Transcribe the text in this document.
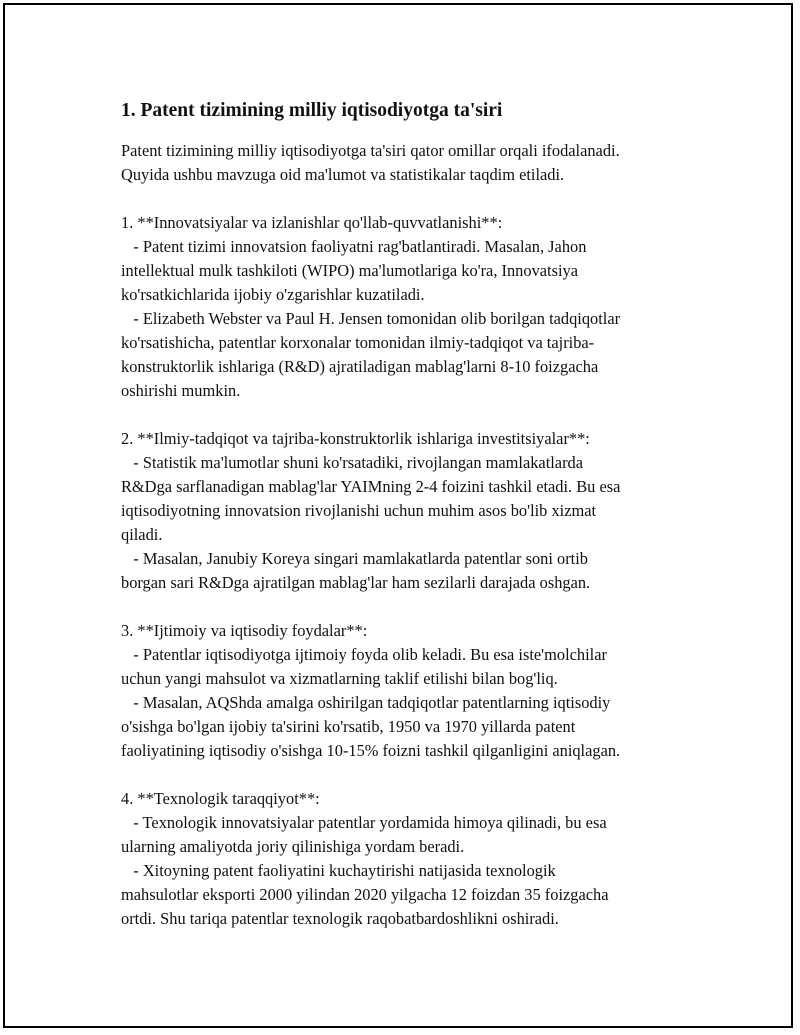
1. Patent tizimining milliy iqtisodiyotga ta'siri
Patent tizimining milliy iqtisodiyotga ta'siri qator omillar orqali ifodalanadi.
Quyida ushbu mavzuga oid ma'lumot va statistikalar taqdim etiladi.
1. **Innovatsiyalar va izlanishlar qo'llab-quvvatlanishi**:
- Patent tizimi innovatsion faoliyatni rag'batlantiradi. Masalan, Jahon
intellektual mulk tashkiloti (WIPO) ma'lumotlariga ko'ra, Innovatsiya
ko'rsatkichlarida ijobiy o'zgarishlar kuzatiladi.
- Elizabeth Webster va Paul H. Jensen tomonidan olib borilgan tadqiqotlar
ko'rsatishicha, patentlar korxonalar tomonidan ilmiy-tadqiqot va tajriba-
konstruktorlik ishlariga (R&D) ajratiladigan mablag'larni 8-10 foizgacha
oshirishi mumkin.
2. **Ilmiy-tadqiqot va tajriba-konstruktorlik ishlariga investitsiyalar**:
- Statistik ma'lumotlar shuni ko'rsatadiki, rivojlangan mamlakatlarda
R&Dga sarflanadigan mablag'lar YAIMning 2-4 foizini tashkil etadi. Bu esa
iqtisodiyotning innovatsion rivojlanishi uchun muhim asos bo'lib xizmat
qiladi.
- Masalan, Janubiy Koreya singari mamlakatlarda patentlar soni ortib
borgan sari R&Dga ajratilgan mablag'lar ham sezilarli darajada oshgan.
3. **Ijtimoiy va iqtisodiy foydalar**:
- Patentlar iqtisodiyotga ijtimoiy foyda olib keladi. Bu esa iste'molchilar
uchun yangi mahsulot va xizmatlarning taklif etilishi bilan bog'liq.
- Masalan, AQShda amalga oshirilgan tadqiqotlar patentlarning iqtisodiy
o'sishga bo'lgan ijobiy ta'sirini ko'rsatib, 1950 va 1970 yillarda patent
faoliyatining iqtisodiy o'sishga 10-15% foizni tashkil qilganligini aniqlagan.
4. **Texnologik taraqqiyot**:
- Texnologik innovatsiyalar patentlar yordamida himoya qilinadi, bu esa
ularning amaliyotda joriy qilinishiga yordam beradi.
- Xitoyning patent faoliyatini kuchaytirishi natijasida texnologik
mahsulotlar eksporti 2000 yilindan 2020 yilgacha 12 foizdan 35 foizgacha
ortdi. Shu tariqa patentlar texnologik raqobatbardoshlikni oshiradi.
